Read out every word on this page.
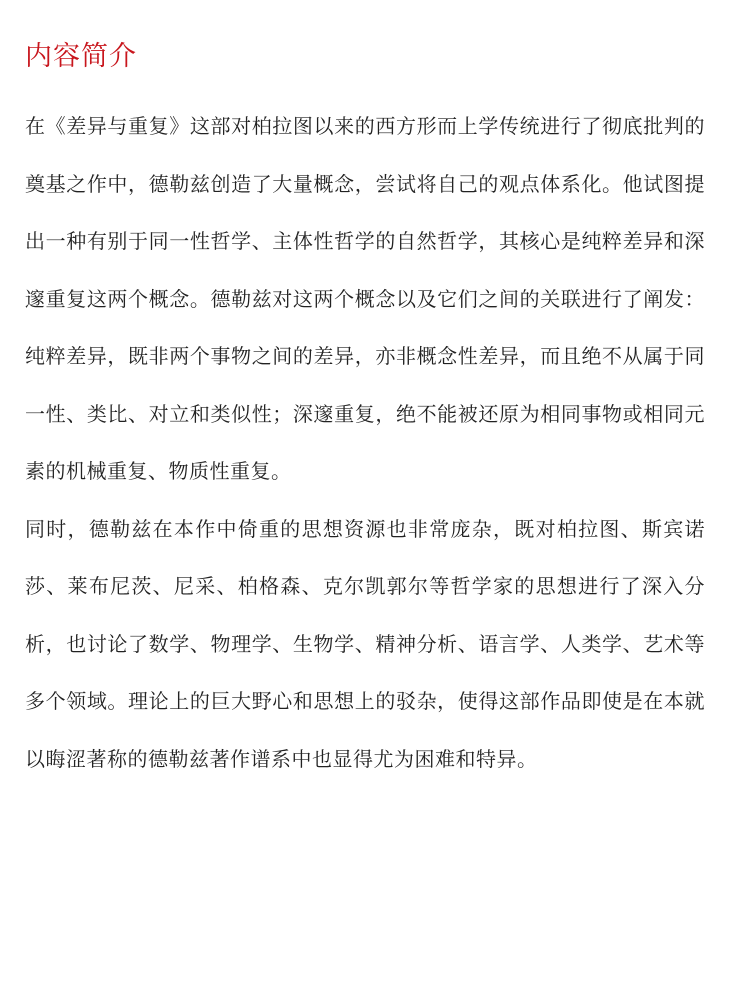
内容简介

在《差异与重复》这部对柏拉图以来的西方形而上学传统进行了彻底批判的奠基之作中，德勒兹创造了大量概念，尝试将自己的观点体系化。他试图提出一种有别于同一性哲学、主体性哲学的自然哲学，其核心是纯粹差异和深邃重复这两个概念。德勒兹对这两个概念以及它们之间的关联进行了阐发：纯粹差异，既非两个事物之间的差异，亦非概念性差异，而且绝不从属于同一性、类比、对立和类似性；深邃重复，绝不能被还原为相同事物或相同元素的机械重复、物质性重复。

同时，德勒兹在本作中倚重的思想资源也非常庞杂，既对柏拉图、斯宾诺莎、莱布尼茨、尼采、柏格森、克尔凯郭尔等哲学家的思想进行了深入分析，也讨论了数学、物理学、生物学、精神分析、语言学、人类学、艺术等多个领域。理论上的巨大野心和思想上的驳杂，使得这部作品即使是在本就以晦涩著称的德勒兹著作谱系中也显得尤为困难和特异。
